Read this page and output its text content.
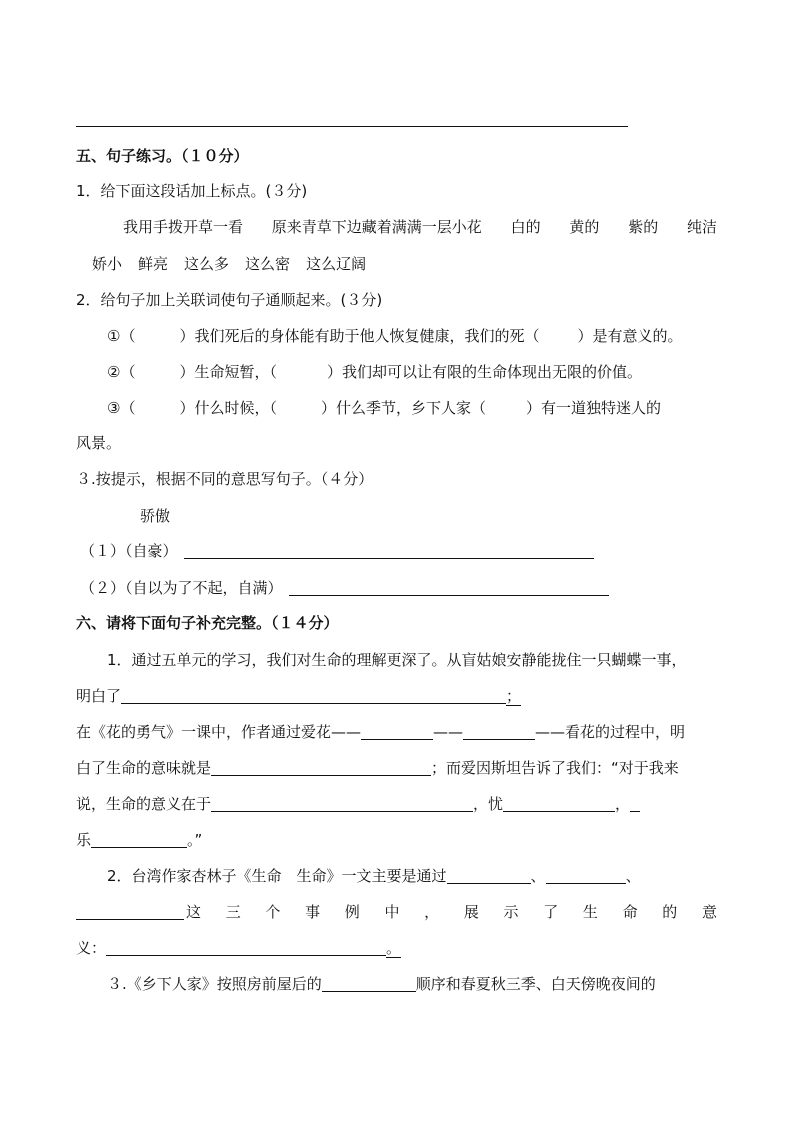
五、句子练习。（１０分）
1．给下面这段话加上标点。(３分)
我用手拨开草一看 原来青草下边藏着满满一层小花 白的 黄的 紫的 纯洁
娇小 鲜亮 这么多 这么密 这么辽阔
2．给句子加上关联词使句子通顺起来。(３分)
①（	）我们死后的身体能有助于他人恢复健康，我们的死（	）是有意义的。
②（	）生命短暂，（	）我们却可以让有限的生命体现出无限的价值。
③（	）什么时候，（	）什么季节，乡下人家（	）有一道独特迷人的
风景。
３.按提示，根据不同的意思写句子。（４分）
骄傲
（１）（自豪）
（２）（自以为了不起，自满）
六、请将下面句子补充完整。（１４分）
1．通过五单元的学习，我们对生命的理解更深了。从盲姑娘安静能拢住一只蝴蝶一事，
明白了	；
在《花的勇气》一课中，作者通过爱花——	——	——看花的过程中，明
白了生命的意味就是	；而爱因斯坦告诉了我们：“对于我来
说，生命的意义在于	，忧	，
乐	。”
2．台湾作家杏林子《生命　生命》一文主要是通过	、	、
这 三 个 事 例 中 ， 展 示 了 生 命 的 意
义：	。
３.《乡下人家》按照房前屋后的	顺序和春夏秋三季、白天傍晚夜间的
